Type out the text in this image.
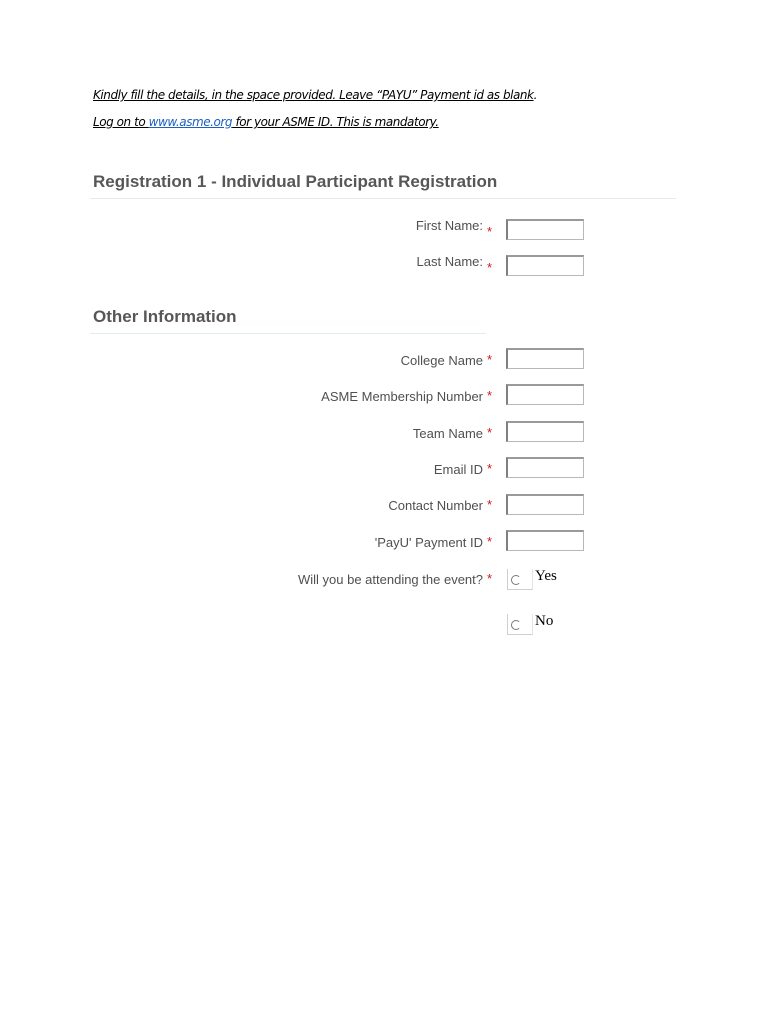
Kindly fill the details, in the space provided. Leave “PAYU” Payment id as blank.
Log on to www.asme.org for your ASME ID. This is mandatory.
Registration 1 - Individual Participant Registration
First Name: *
Last Name: *
Other Information
College Name *
ASME Membership Number *
Team Name *
Email ID *
Contact Number *
'PayU' Payment ID *
Will you be attending the event? *	Yes
No
